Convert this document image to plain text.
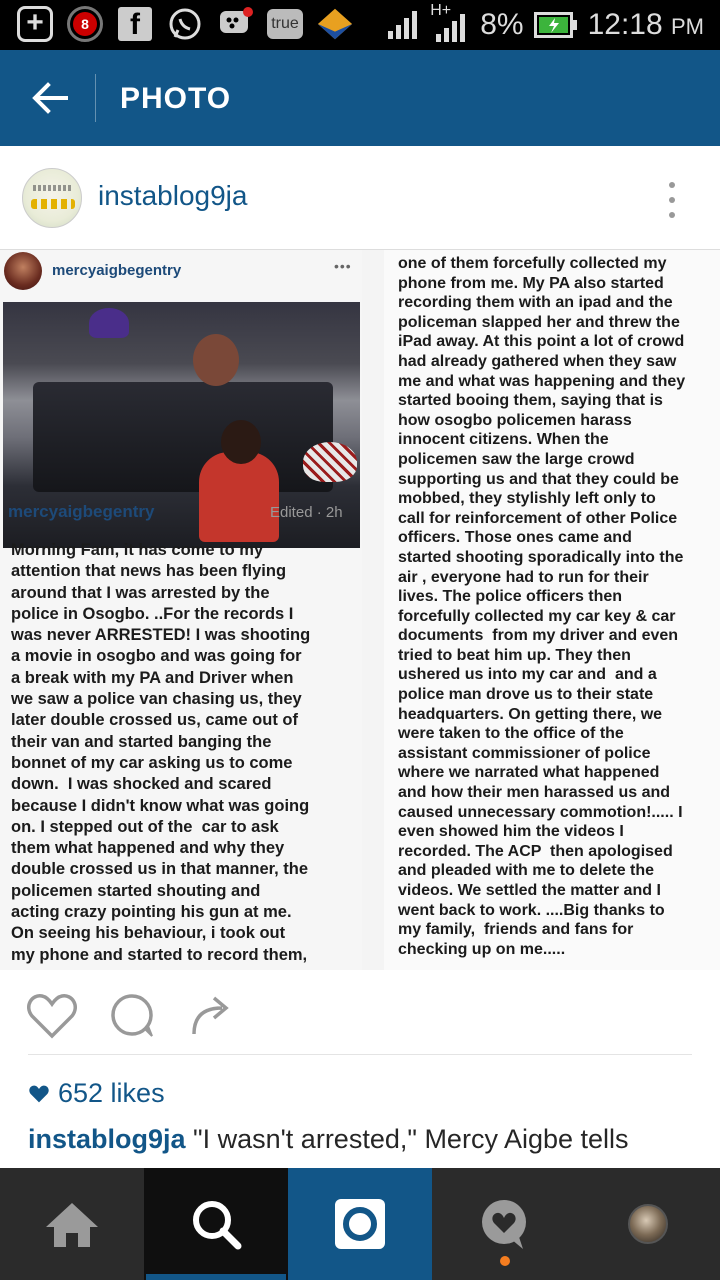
+	8	f	true
H+ 8% 12:18 PM
PHOTO
instablog9ja
mercyaigbegentry	•••
mercyaigbegentry	Edited · 2h
Morning Fam, it has come to my
attention that news has been flying
around that I was arrested by the
police in Osogbo. ..For the records I
was never ARRESTED! I was shooting
a movie in osogbo and was going for
a break with my PA and Driver when
we saw a police van chasing us, they
later double crossed us, came out of
their van and started banging the
bonnet of my car asking us to come
down.  I was shocked and scared
because I didn't know what was going
on. I stepped out of the  car to ask
them what happened and why they
double crossed us in that manner, the
policemen started shouting and
acting crazy pointing his gun at me.
On seeing his behaviour, i took out
my phone and started to record them,
one of them forcefully collected my
phone from me. My PA also started
recording them with an ipad and the
policeman slapped her and threw the
iPad away. At this point a lot of crowd
had already gathered when they saw
me and what was happening and they
started booing them, saying that is
how osogbo policemen harass
innocent citizens. When the
policemen saw the large crowd
supporting us and that they could be
mobbed, they stylishly left only to
call for reinforcement of other Police
officers. Those ones came and
started shooting sporadically into the
air , everyone had to run for their
lives. The police officers then
forcefully collected my car key & car
documents  from my driver and even
tried to beat him up. They then
ushered us into my car and  and a
police man drove us to their state
headquarters. On getting there, we
were taken to the office of the
assistant commissioner of police
where we narrated what happened
and how their men harassed us and
caused unnecessary commotion!..... I
even showed him the videos I
recorded. The ACP  then apologised
and pleaded with me to delete the
videos. We settled the matter and I
went back to work. ....Big thanks to
my family,  friends and fans for
checking up on me.....
652 likes
instablog9ja "I wasn't arrested," Mercy Aigbe tells
